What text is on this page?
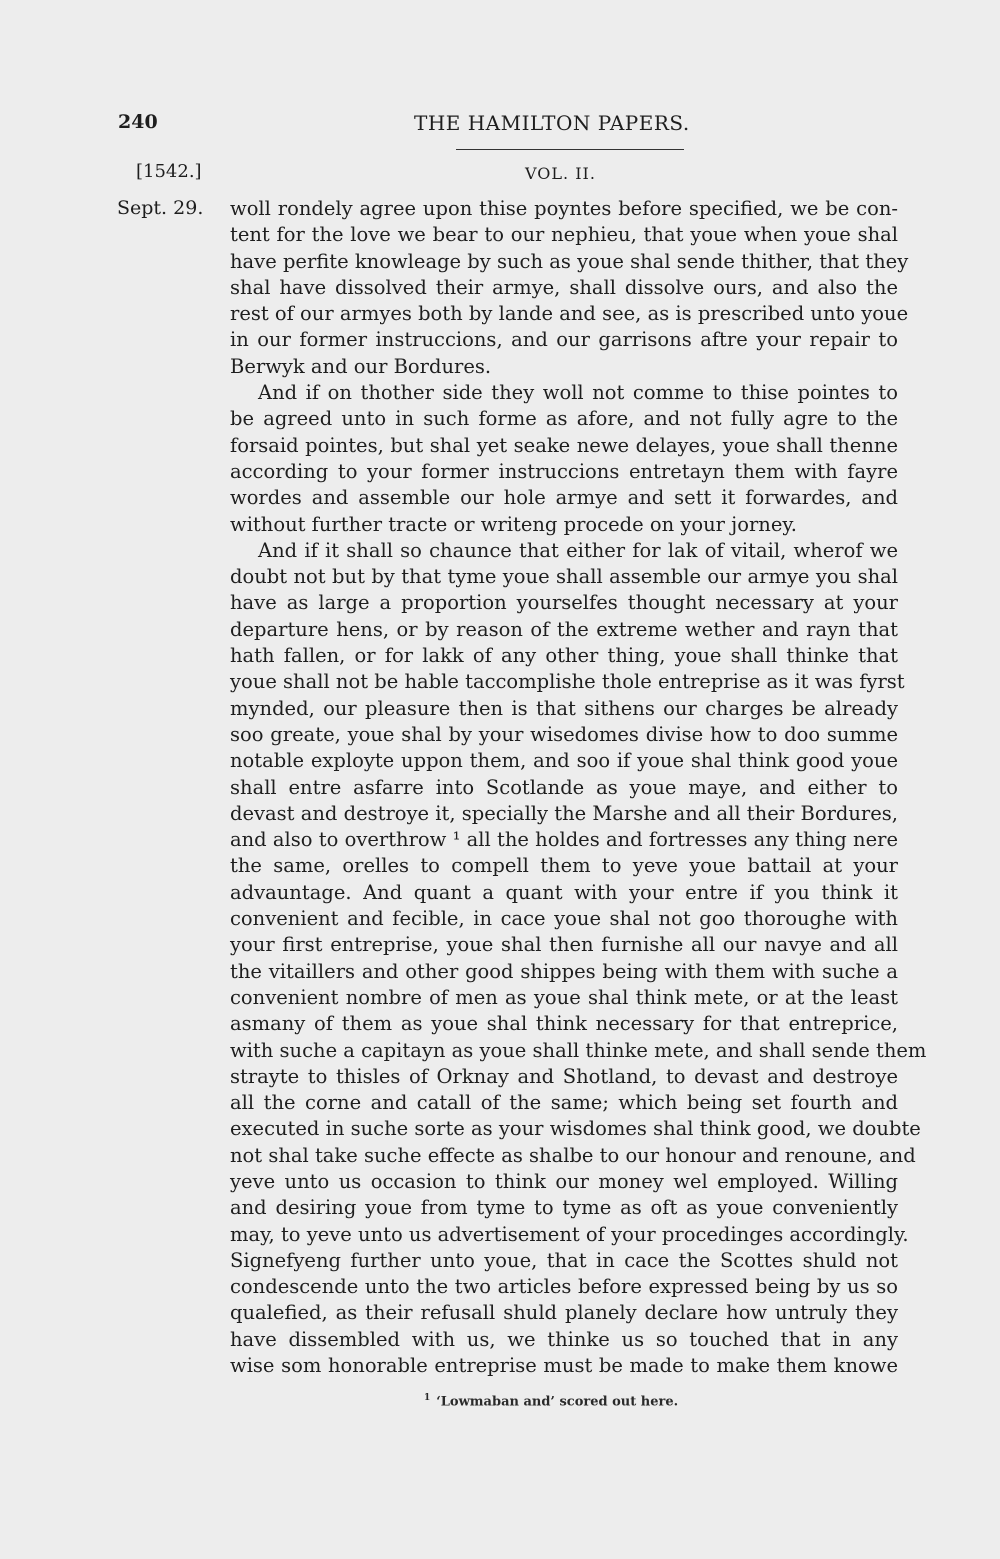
240	THE HAMILTON PAPERS.
[1542.]	VOL. II.
Sept. 29. woll rondely agree upon thise poyntes before specified, we be con-
tent for the love we bear to our nephieu, that youe when youe shal
have perfite knowleage by such as youe shal sende thither, that they
shal have dissolved their armye, shall dissolve ours, and also the
rest of our armyes both by lande and see, as is prescribed unto youe
in our former instruccions, and our garrisons aftre your repair to
Berwyk and our Bordures.
And if on thother side they woll not comme to thise pointes to
be agreed unto in such forme as afore, and not fully agre to the
forsaid pointes, but shal yet seake newe delayes, youe shall thenne
according to your former instruccions entretayn them with fayre
wordes and assemble our hole armye and sett it forwardes, and
without further tracte or writeng procede on your jorney.
And if it shall so chaunce that either for lak of vitail, wherof we
doubt not but by that tyme youe shall assemble our armye you shal
have as large a proportion yourselfes thought necessary at your
departure hens, or by reason of the extreme wether and rayn that
hath fallen, or for lakk of any other thing, youe shall thinke that
youe shall not be hable taccomplishe thole entreprise as it was fyrst
mynded, our pleasure then is that sithens our charges be already
soo greate, youe shal by your wisedomes divise how to doo summe
notable exployte uppon them, and soo if youe shal think good youe
shall entre asfarre into Scotlande as youe maye, and either to
devast and destroye it, specially the Marshe and all their Bordures,
and also to overthrow ¹ all the holdes and fortresses any thing nere
the same, orelles to compell them to yeve youe battail at your
advauntage. And quant a quant with your entre if you think it
convenient and fecible, in cace youe shal not goo thoroughe with
your first entreprise, youe shal then furnishe all our navye and all
the vitaillers and other good shippes being with them with suche a
convenient nombre of men as youe shal think mete, or at the least
asmany of them as youe shal think necessary for that entreprice,
with suche a capitayn as youe shall thinke mete, and shall sende them
strayte to thisles of Orknay and Shotland, to devast and destroye
all the corne and catall of the same; which being set fourth and
executed in suche sorte as your wisdomes shal think good, we doubte
not shal take suche effecte as shalbe to our honour and renoune, and
yeve unto us occasion to think our money wel employed. Willing
and desiring youe from tyme to tyme as oft as youe conveniently
may, to yeve unto us advertisement of your procedinges accordingly.
Signefyeng further unto youe, that in cace the Scottes shuld not
condescende unto the two articles before expressed being by us so
qualefied, as their refusall shuld planely declare how untruly they
have dissembled with us, we thinke us so touched that in any
wise som honorable entreprise must be made to make them knowe
$^1$ ‘Lowmaban and’ scored out here.
